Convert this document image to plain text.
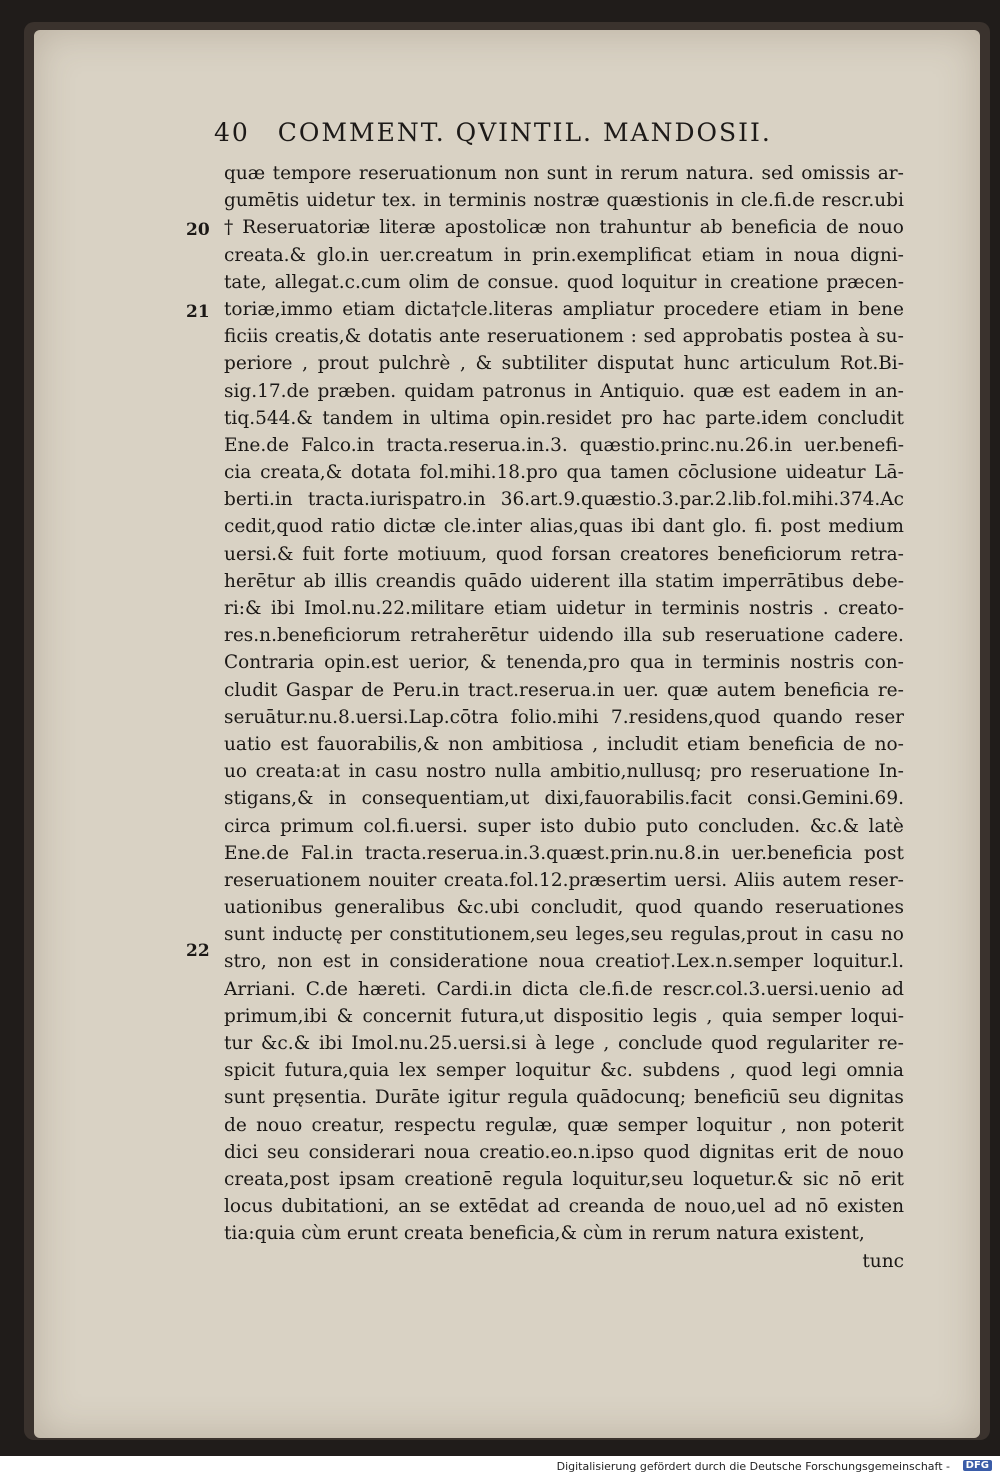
40 COMMENT. QVINTIL. MANDOSII.
20
21
22
quæ tempore reseruationum non sunt in rerum natura. sed omissis ar-
gumētis uidetur tex. in terminis nostræ quæstionis in cle.fi.de rescr.ubi
† Reseruatoriæ literæ apostolicæ non trahuntur ab beneficia de nouo
creata.& glo.in uer.creatum in prin.exemplificat etiam in noua digni-
tate, allegat.c.cum olim de consue. quod loquitur in creatione præcen-
toriæ,immo etiam dicta†cle.literas ampliatur procedere etiam in bene
ficiis creatis,& dotatis ante reseruationem : sed approbatis postea à su-
periore , prout pulchrè , & subtiliter disputat hunc articulum Rot.Bi-
sig.17.de præben. quidam patronus in Antiquio. quæ est eadem in an-
tiq.544.& tandem in ultima opin.residet pro hac parte.idem concludit
Ene.de Falco.in tracta.reserua.in.3. quæstio.princ.nu.26.in uer.benefi-
cia creata,& dotata fol.mihi.18.pro qua tamen cōclusione uideatur Lā-
berti.in tracta.iurispatro.in 36.art.9.quæstio.3.par.2.lib.fol.mihi.374.Ac
cedit,quod ratio dictæ cle.inter alias,quas ibi dant glo. fi. post medium
uersi.& fuit forte motiuum, quod forsan creatores beneficiorum retra-
herētur ab illis creandis quādo uiderent illa statim imperrātibus debe-
ri:& ibi Imol.nu.22.militare etiam uidetur in terminis nostris . creato-
res.n.beneficiorum retraherētur uidendo illa sub reseruatione cadere.
Contraria opin.est uerior, & tenenda,pro qua in terminis nostris con-
cludit Gaspar de Peru.in tract.reserua.in uer. quæ autem beneficia re-
seruātur.nu.8.uersi.Lap.cōtra folio.mihi 7.residens,quod quando reser
uatio est fauorabilis,& non ambitiosa , includit etiam beneficia de no-
uo creata:at in casu nostro nulla ambitio,nullusq; pro reseruatione In-
stigans,& in consequentiam,ut dixi,fauorabilis.facit consi.Gemini.69.
circa primum col.fi.uersi. super isto dubio puto concluden. &c.& latè
Ene.de Fal.in tracta.reserua.in.3.quæst.prin.nu.8.in uer.beneficia post
reseruationem nouiter creata.fol.12.præsertim uersi. Aliis autem reser-
uationibus generalibus &c.ubi concludit, quod quando reseruationes
sunt inductę per constitutionem,seu leges,seu regulas,prout in casu no
stro, non est in consideratione noua creatio†.Lex.n.semper loquitur.l.
Arriani. C.de hæreti. Cardi.in dicta cle.fi.de rescr.col.3.uersi.uenio ad
primum,ibi & concernit futura,ut dispositio legis , quia semper loqui-
tur &c.& ibi Imol.nu.25.uersi.si à lege , conclude quod regulariter re-
spicit futura,quia lex semper loquitur &c. subdens , quod legi omnia
sunt pręsentia. Durāte igitur regula quādocunq; beneficiū seu dignitas
de nouo creatur, respectu regulæ, quæ semper loquitur , non poterit
dici seu considerari noua creatio.eo.n.ipso quod dignitas erit de nouo
creata,post ipsam creationē regula loquitur,seu loquetur.& sic nō erit
locus dubitationi, an se extēdat ad creanda de nouo,uel ad nō existen
tia:quia cùm erunt creata beneficia,& cùm in rerum natura existent,
tunc
Digitalisierung gefördert durch die Deutsche Forschungsgemeinschaft -	DFG
